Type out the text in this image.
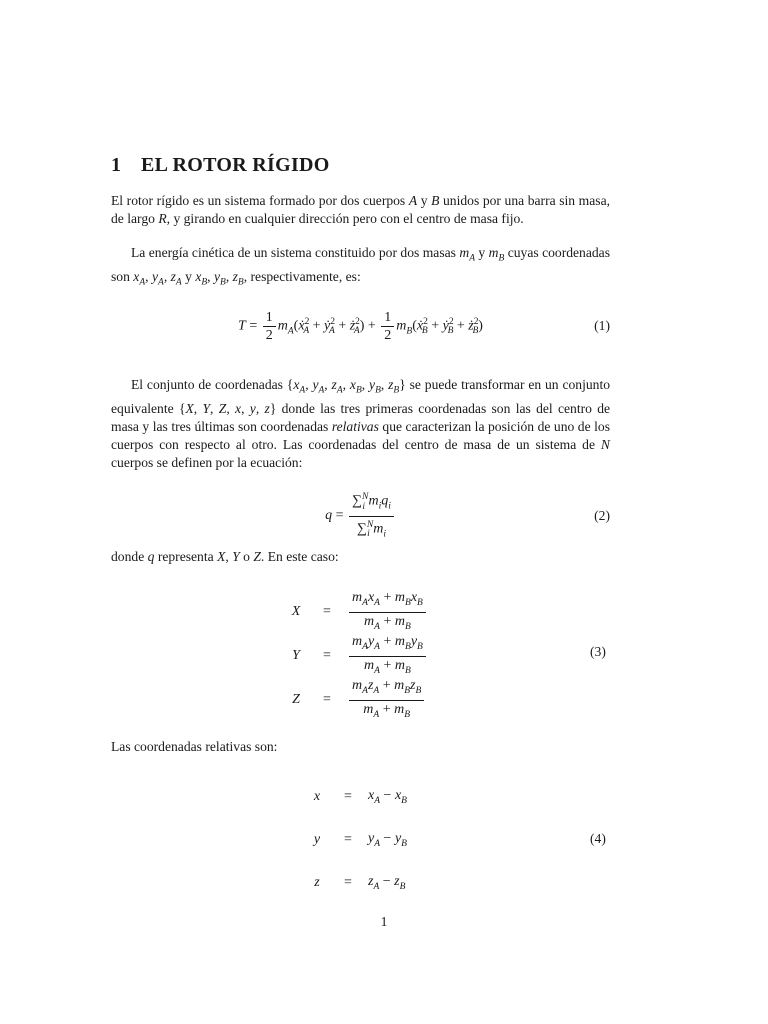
1 EL ROTOR RÍGIDO

El rotor rígido es un sistema formado por dos cuerpos A y B unidos por una barra sin masa, de largo R, y girando en cualquier dirección pero con el centro de masa fijo.

La energía cinética de un sistema constituido por dos masas $m_A$ y $m_B$ cuyas coordenadas son $x_A$, $y_A$, $z_A$ y $x_B$, $y_B$, $z_B$, respectivamente, es:

$T = \frac{1}{2}$ $m_A(ẋ^2_A$ + ẏ$^2_A$ + $ż^2_A) + \frac{1}{2}$ $m_B(ẋ^2_B$ + ẏ$^2_B$ + $ż^2_B$)	(1)

El conjunto de coordenadas {$x_A$, $y_A$, $z_A$, $x_B$, $y_B$, $z_B$} se puede transformar en un conjunto equivalente {X, Y, Z, x, y, z} donde las tres primeras coordenadas son las del centro de masa y las tres últimas son coordenadas relativas que caracterizan la posición de uno de los cuerpos con respecto al otro. Las coordenadas del centro de masa de un sistema de N cuerpos se definen por la ecuación:

$q = \frac{\sum^N_i m_iq_i}{\sum^N_i m_i}$	(2)

donde q representa X, Y o Z. En este caso:

X	=	$\frac{m_Ax_A + m_Bx_B}{m_A + m_B}$
Y	=	$\frac{m_Ay_A + m_By_B}{m_A + m_B}$
Z	=	$\frac{m_Az_A + m_Bz_B}{m_A + m_B}$
(3)

Las coordenadas relativas son:

x	=	$x_A - x_B$
y	=	$y_A - y_B$
z	=	$z_A - z_B$
(4)
1
